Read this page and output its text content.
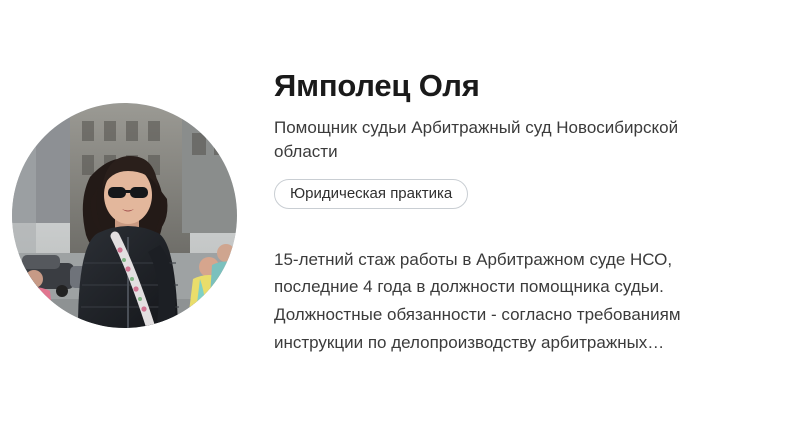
Ямполец Оля
Помощник судьи Арбитражный суд Новосибирской области
Юридическая практика

15-летний стаж работы в Арбитражном суде НСО, последние 4 года в должности помощника судьи. Должностные обязанности - согласно требованиям инструкции по делопроизводству арбитражных…
